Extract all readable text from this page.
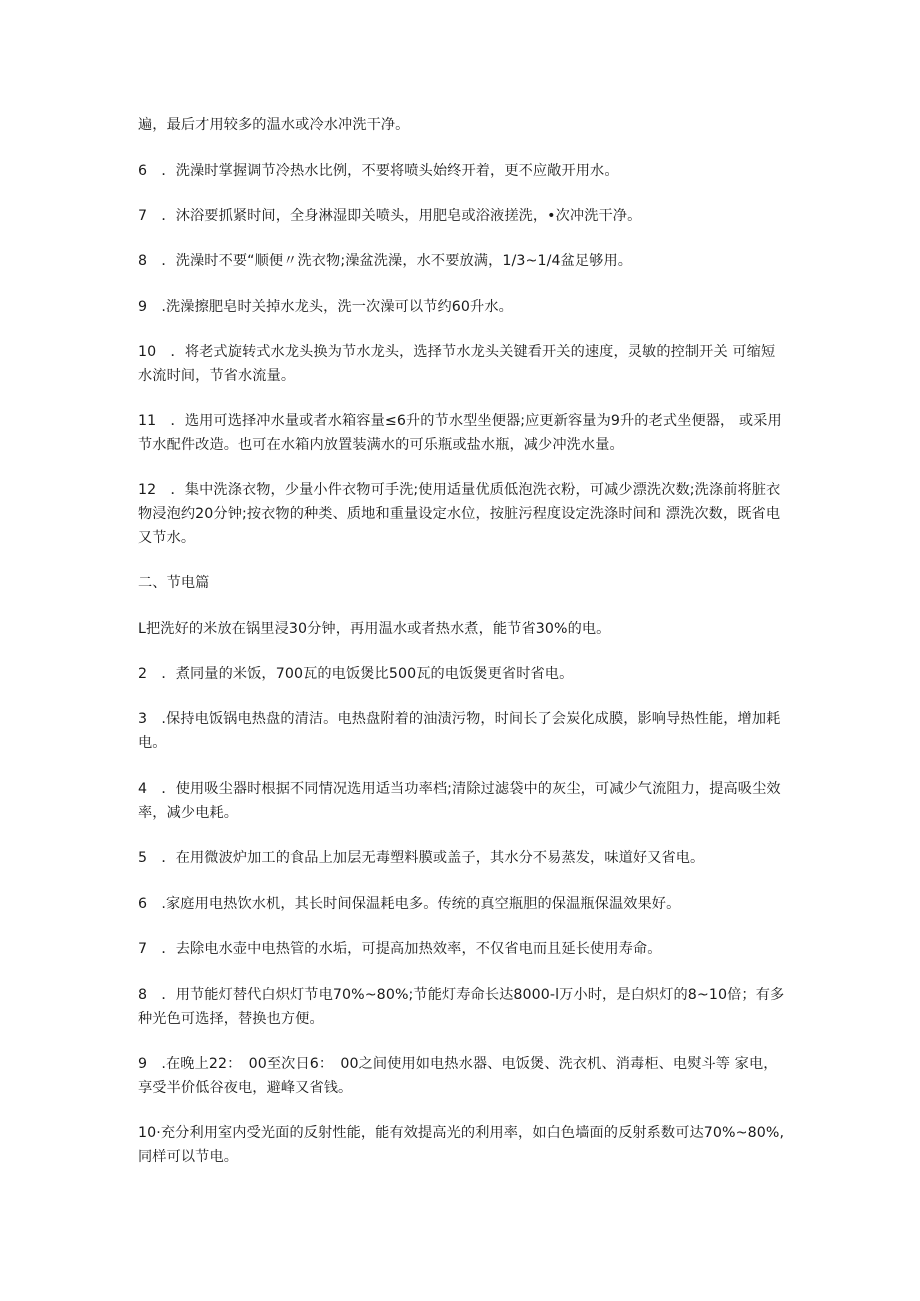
遍，最后才用较多的温水或冷水冲洗干净。

6　．洗澡时掌握调节冷热水比例，不要将喷头始终开着，更不应敞开用水。

7　．沐浴要抓紧时间，全身淋湿即关喷头，用肥皂或浴液搓洗，•次冲洗干净。

8　．洗澡时不要“顺便〃洗衣物;澡盆洗澡，水不要放满，1/3~1/4盆足够用。

9　.洗澡擦肥皂时关掉水龙头，洗一次澡可以节约60升水。

10　．将老式旋转式水龙头换为节水龙头，选择节水龙头关键看开关的速度，灵敏的控制开关 可缩短水流时间，节省水流量。

11　．选用可选择冲水量或者水箱容量≤6升的节水型坐便器;应更新容量为9升的老式坐便器， 或采用节水配件改造。也可在水箱内放置装满水的可乐瓶或盐水瓶，减少冲洗水量。

12　．集中洗涤衣物，少量小件衣物可手洗;使用适量优质低泡洗衣粉，可减少漂洗次数;洗涤前将脏衣物浸泡约20分钟;按衣物的种类、质地和重量设定水位，按脏污程度设定洗涤时间和 漂洗次数，既省电又节水。

二、节电篇

L把洗好的米放在锅里浸30分钟，再用温水或者热水煮，能节省30%的电。

2　．煮同量的米饭，700瓦的电饭煲比500瓦的电饭煲更省时省电。

3　.保持电饭锅电热盘的清洁。电热盘附着的油渍污物，时间长了会炭化成膜，影响导热性能，增加耗电。

4　．使用吸尘器时根据不同情况选用适当功率档;清除过滤袋中的灰尘，可减少气流阻力，提高吸尘效率，减少电耗。

5　．在用微波炉加工的食品上加层无毒塑料膜或盖子，其水分不易蒸发，味道好又省电。

6　.家庭用电热饮水机，其长时间保温耗电多。传统的真空瓶胆的保温瓶保温效果好。

7　．去除电水壶中电热管的水垢，可提高加热效率，不仅省电而且延长使用寿命。

8　．用节能灯替代白炽灯节电70%~80%;节能灯寿命长达8000-l万小时，是白炽灯的8~10倍；有多种光色可选择，替换也方便。

9　.在晚上22：　00至次日6：　00之间使用如电热水器、电饭煲、洗衣机、消毒柜、电熨斗等 家电，享受半价低谷夜电，避峰又省钱。

10·充分利用室内受光面的反射性能，能有效提高光的利用率，如白色墙面的反射系数可达70%~80%,同样可以节电。
